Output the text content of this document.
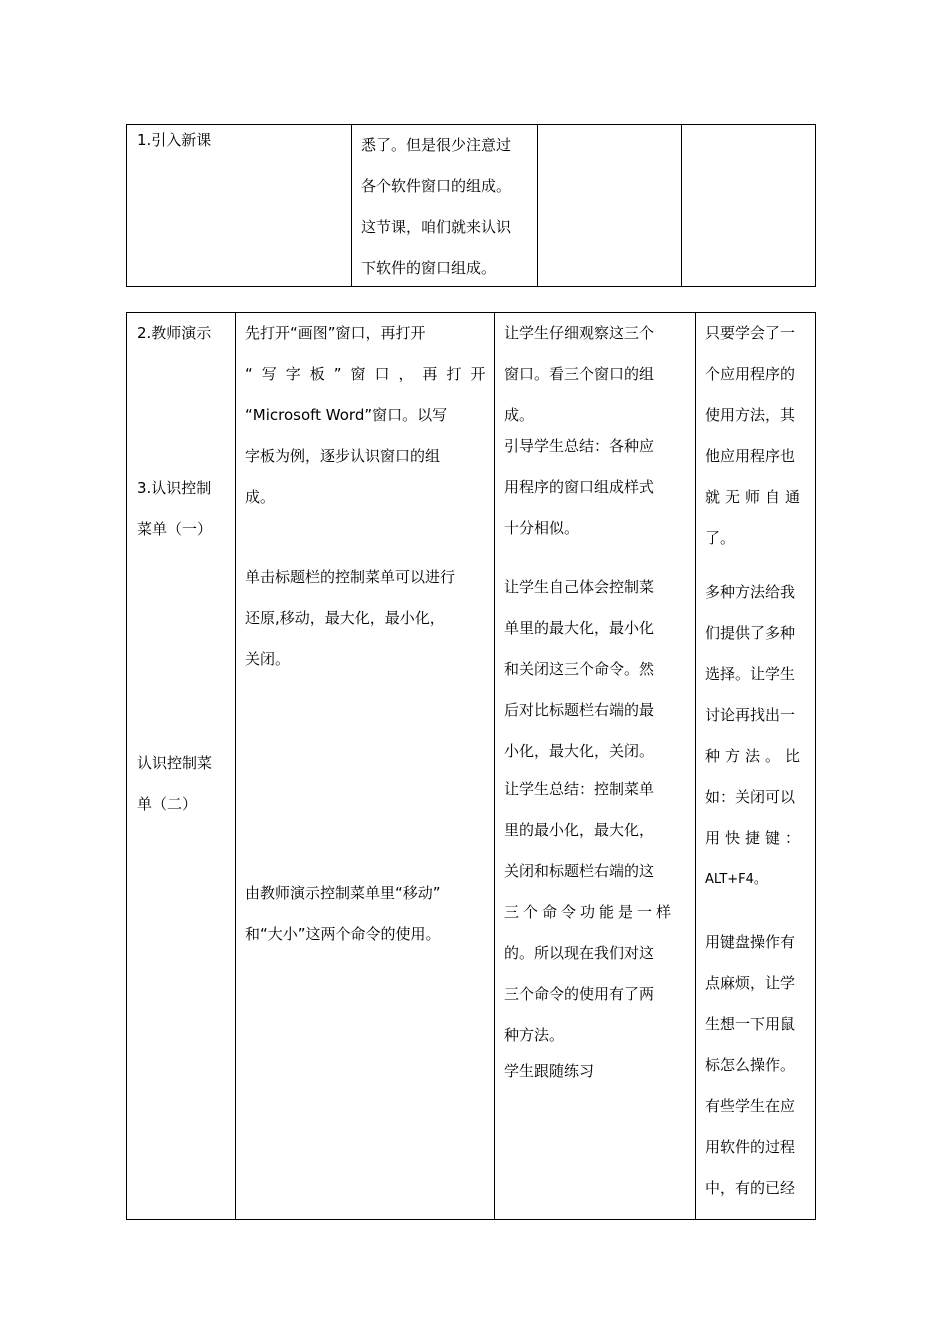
1.引入新课	悉了。但是很少注意过
各个软件窗口的组成。
这节课，咱们就来认识
下软件的窗口组成。
2.教师演示
3.认识控制
菜单（一）
认识控制菜
单（二）
先打开“画图”窗口，再打开
“写字板”窗口，再打开
“Microsoft Word”窗口。以写
字板为例，逐步认识窗口的组
成。
单击标题栏的控制菜单可以进行
还原,移动，最大化，最小化，
关闭。
由教师演示控制菜单里“移动”
和“大小”这两个命令的使用。
让学生仔细观察这三个
窗口。看三个窗口的组
成。
引导学生总结：各种应
用程序的窗口组成样式
十分相似。
让学生自己体会控制菜
单里的最大化，最小化
和关闭这三个命令。然
后对比标题栏右端的最
小化，最大化，关闭。
让学生总结：控制菜单
里的最小化，最大化，
关闭和标题栏右端的这
三个命令功能是一样
的。所以现在我们对这
三个命令的使用有了两
种方法。
学生跟随练习
只要学会了一
个应用程序的
使用方法，其
他应用程序也
就无师自通
了。
多种方法给我
们提供了多种
选择。让学生
讨论再找出一
种方法。比
如：关闭可以
用快捷键：
ALT+F4。
用键盘操作有
点麻烦，让学
生想一下用鼠
标怎么操作。
有些学生在应
用软件的过程
中，有的已经
